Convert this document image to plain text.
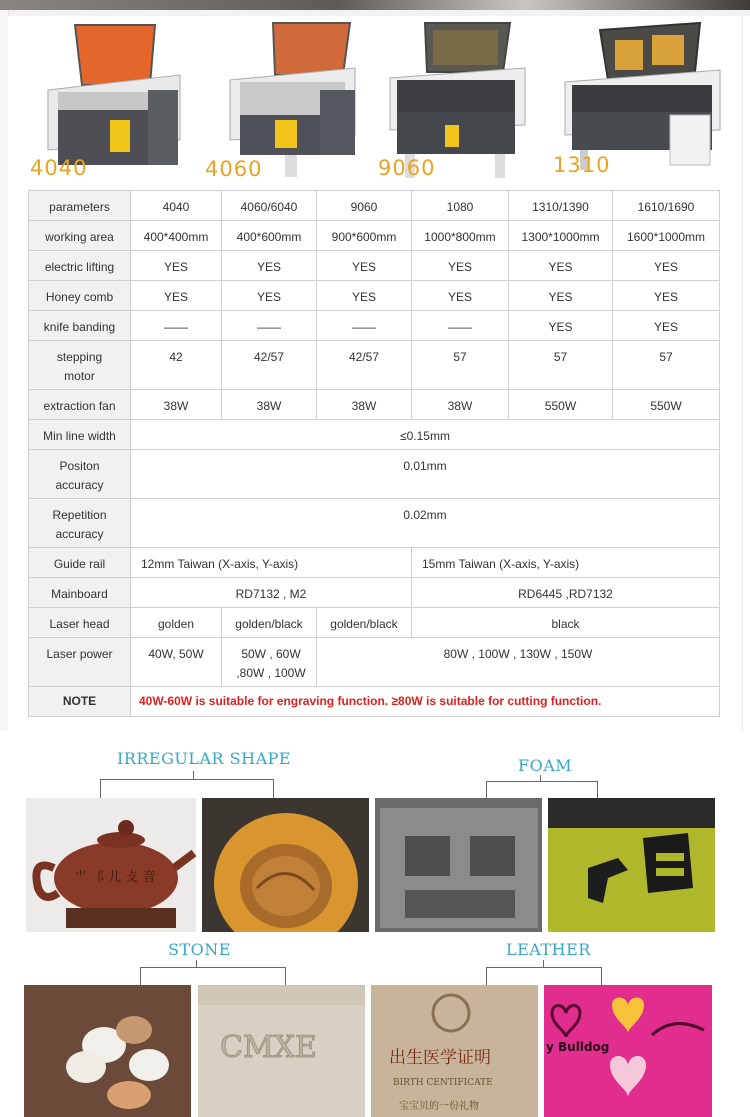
4040	4060	9060	1310
parameters	4040	4060/6040	9060	1080	1310/1390	1610/1690
working area	400*400mm	400*600mm	900*600mm	1000*800mm	1300*1000mm	1600*1000mm
electric lifting	YES	YES	YES	YES	YES	YES
Honey comb	YES	YES	YES	YES	YES	YES
knife banding	——	——	——	——	YES	YES
stepping motor	42	42/57	42/57	57	57	57
extraction fan	38W	38W	38W	38W	550W	550W
Min line width	≤0.15mm					
Positon accuracy	0.01mm					
Repetition accuracy	0.02mm					
Guide rail	12mm Taiwan (X-axis, Y-axis)			15mm Taiwan (X-axis, Y-axis)		
Mainboard	RD7132 , M2			RD6445 ,RD7132		
Laser head	golden	golden/black	golden/black	black		
Laser power	40W, 50W	50W , 60W ,80W , 100W	80W , 100W , 130W , 150W			
NOTE	40W-60W is suitable for engraving function. ≥80W is suitable for cutting function.					
IRREGULAR SHAPE	FOAM
⺌ ⻏ ⼉ ⽁ ⾳
STONE	LEATHER
CMXE	出生医学证明
BIRTH CENTIFICATE
宝宝贝的一份礼物
y Bulldog
